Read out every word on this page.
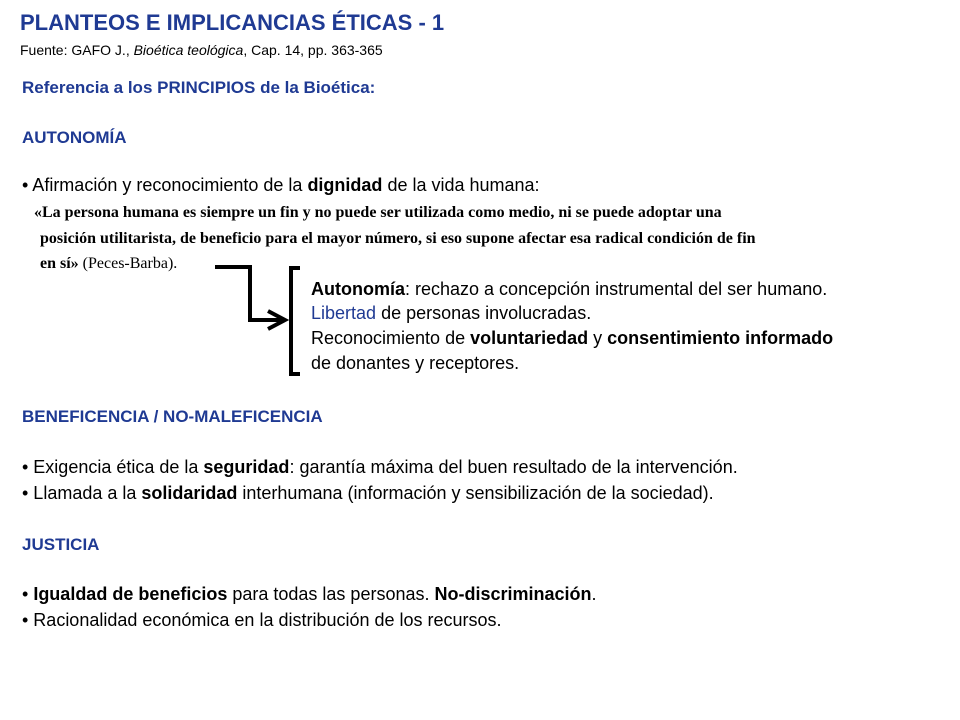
PLANTEOS E IMPLICANCIAS ÉTICAS - 1
Fuente: GAFO J., Bioética teológica, Cap. 14, pp. 363-365
Referencia a los PRINCIPIOS de la Bioética:
AUTONOMÍA
• Afirmación y reconocimiento de la dignidad de la vida humana:
«La persona humana es siempre un fin y no puede ser utilizada como medio, ni se puede adoptar una
posición utilitarista, de beneficio para el mayor número, si eso supone afectar esa radical condición de fin
en sí» (Peces-Barba).
Autonomía: rechazo a concepción instrumental del ser humano.
Libertad de personas involucradas.
Reconocimiento de voluntariedad y consentimiento informado
de donantes y receptores.
BENEFICENCIA / NO-MALEFICENCIA
• Exigencia ética de la seguridad: garantía máxima del buen resultado de la intervención.
• Llamada a la solidaridad interhumana (información y sensibilización de la sociedad).
JUSTICIA
• Igualdad de beneficios para todas las personas. No-discriminación.
• Racionalidad económica en la distribución de los recursos.
